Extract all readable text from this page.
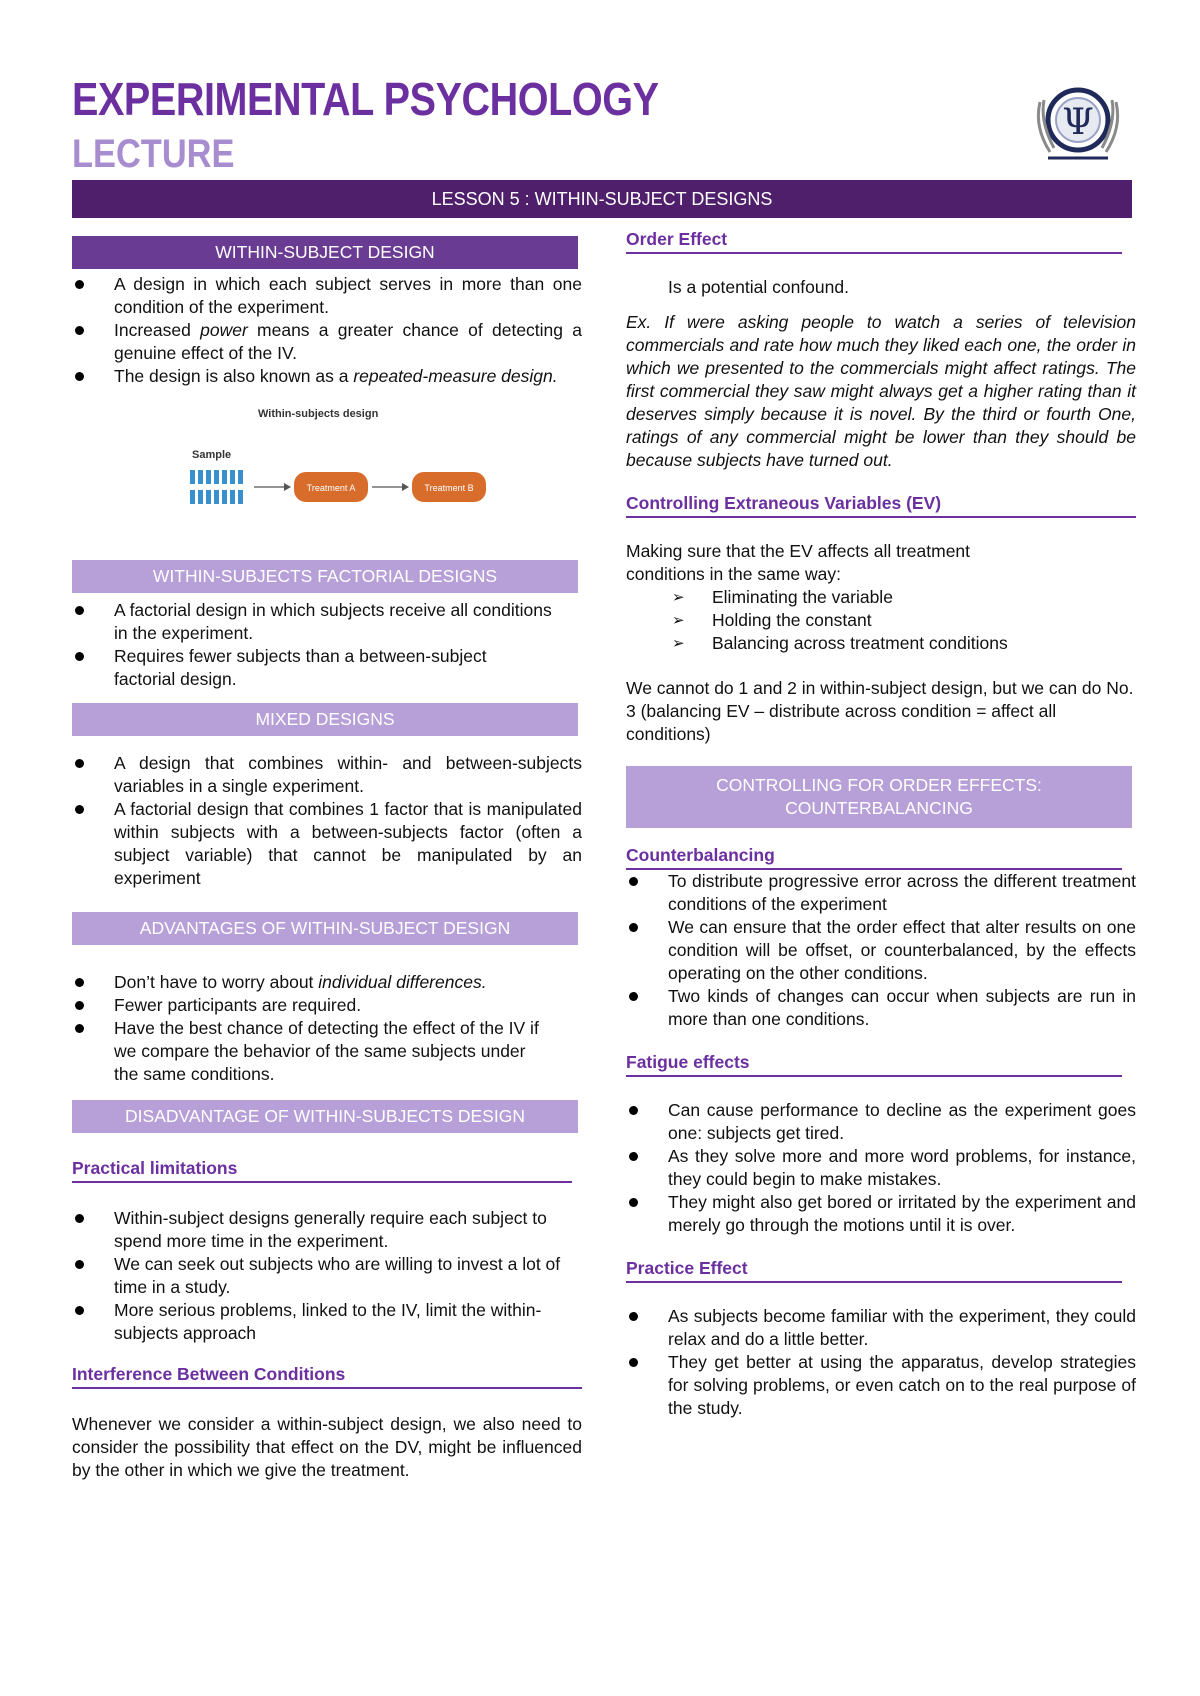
EXPERIMENTAL PSYCHOLOGY
LECTURE
Ψ
LESSON 5 : WITHIN-SUBJECT DESIGNS
WITHIN-SUBJECT DESIGN
A design in which each subject serves in more than one condition of the experiment.
Increased power means a greater chance of detecting a genuine effect of the IV.
The design is also known as a repeated-measure design.
Within-subjects design
Sample
Treatment A	Treatment B
WITHIN-SUBJECTS FACTORIAL DESIGNS
A factorial design in which subjects receive all conditions in the experiment.
Requires fewer subjects than a between-subject factorial design.
MIXED DESIGNS
A design that combines within- and between-subjects variables in a single experiment.
A factorial design that combines 1 factor that is manipulated within subjects with a between-subjects factor (often a subject variable) that cannot be manipulated by an experiment
ADVANTAGES OF WITHIN-SUBJECT DESIGN
Don’t have to worry about individual differences.
Fewer participants are required.
Have the best chance of detecting the effect of the IV if we compare the behavior of the same subjects under the same conditions.
DISADVANTAGE OF WITHIN-SUBJECTS DESIGN
Practical limitations
Within-subject designs generally require each subject to spend more time in the experiment.
We can seek out subjects who are willing to invest a lot of time in a study.
More serious problems, linked to the IV, limit the within-subjects approach
Interference Between Conditions

Whenever we consider a within-subject design, we also need to consider the possibility that effect on the DV, might be influenced by the other in which we give the treatment.

Order Effect

Is a potential confound.

Ex. If were asking people to watch a series of television commercials and rate how much they liked each one, the order in which we presented to the commercials might affect ratings. The first commercial they saw might always get a higher rating than it deserves simply because it is novel. By the third or fourth One, ratings of any commercial might be lower than they should be because subjects have turned out.

Controlling Extraneous Variables (EV)

Making sure that the EV affects all treatment conditions in the same way:

➢ Eliminating the variable
➢ Holding the constant
➢ Balancing across treatment conditions

We cannot do 1 and 2 in within-subject design, but we can do No. 3 (balancing EV – distribute across condition = affect all conditions)

CONTROLLING FOR ORDER EFFECTS: COUNTERBALANCING
Counterbalancing
To distribute progressive error across the different treatment conditions of the experiment
We can ensure that the order effect that alter results on one condition will be offset, or counterbalanced, by the effects operating on the other conditions.
Two kinds of changes can occur when subjects are run in more than one conditions.
Fatigue effects
Can cause performance to decline as the experiment goes one: subjects get tired.
As they solve more and more word problems, for instance, they could begin to make mistakes.
They might also get bored or irritated by the experiment and merely go through the motions until it is over.
Practice Effect
As subjects become familiar with the experiment, they could relax and do a little better.
They get better at using the apparatus, develop strategies for solving problems, or even catch on to the real purpose of the study.
